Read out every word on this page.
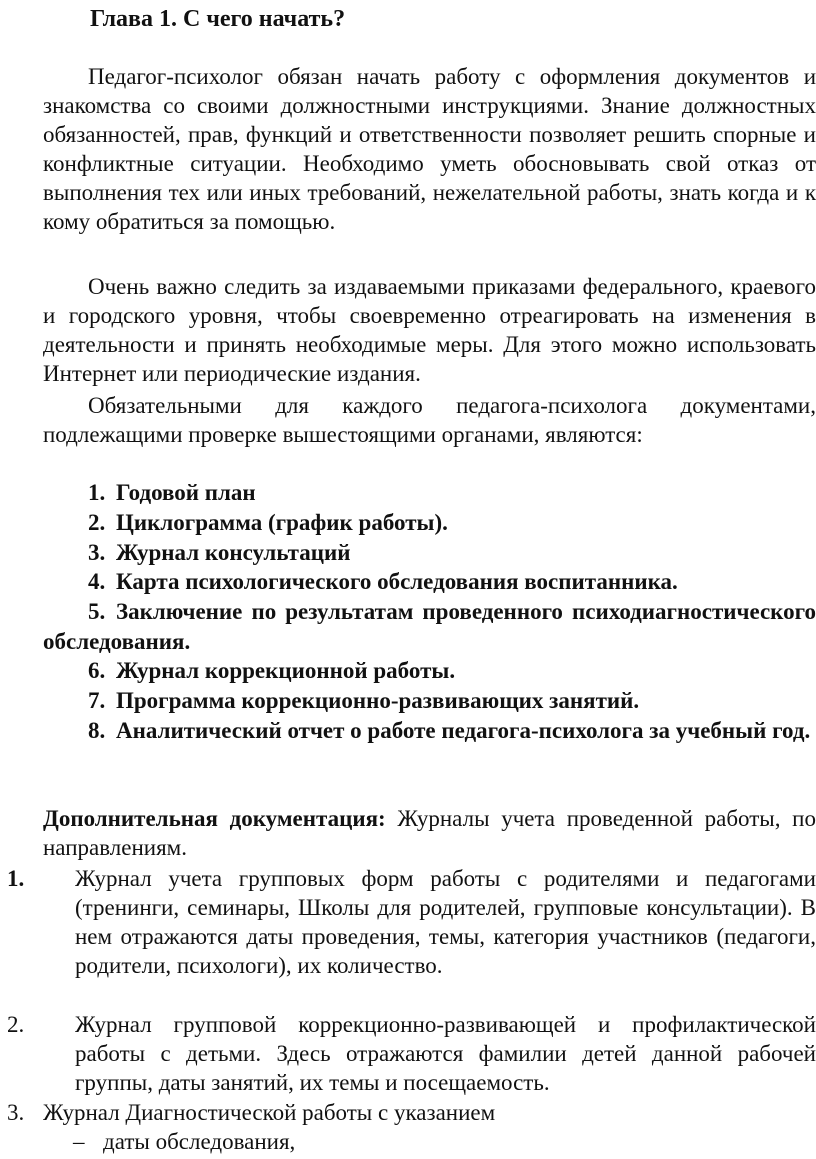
Глава 1. С чего начать?

Педагог-психолог обязан начать работу с оформления документов и знакомства со своими должностными инструкциями. Знание должностных обязанностей, прав, функций и ответственности позволяет решить спорные и конфликтные ситуации. Необходимо уметь обосновывать свой отказ от выполнения тех или иных требований, нежелательной работы, знать когда и к кому обратиться за помощью.

Очень важно следить за издаваемыми приказами федерального, краевого и городского уровня, чтобы своевременно отреагировать на изменения в деятельности и принять необходимые меры. Для этого можно использовать Интернет или периодические издания.

Обязательными для каждого педагога-психолога документами, подлежащими проверке вышестоящими органами, являются:

1. Годовой план

2. Циклограмма (график работы).

3. Журнал консультаций

4. Карта психологического обследования воспитанника.

5. Заключение по результатам проведенного психодиагностического обследования.

6. Журнал коррекционной работы.

7. Программа коррекционно-развивающих занятий.

8. Аналитический отчет о работе педагога-психолога за учебный год.

Дополнительная документация: Журналы учета проведенной работы, по направлениям.

1. Журнал учета групповых форм работы с родителями и педагогами (тренинги, семинары, Школы для родителей, групповые консультации). В нем отражаются даты проведения, темы, категория участников (педагоги, родители, психологи), их количество.

2. Журнал групповой коррекционно-развивающей и профилактической работы с детьми. Здесь отражаются фамилии детей данной рабочей группы, даты занятий, их темы и посещаемость.

3. Журнал Диагностической работы с указанием

– даты обследования,
